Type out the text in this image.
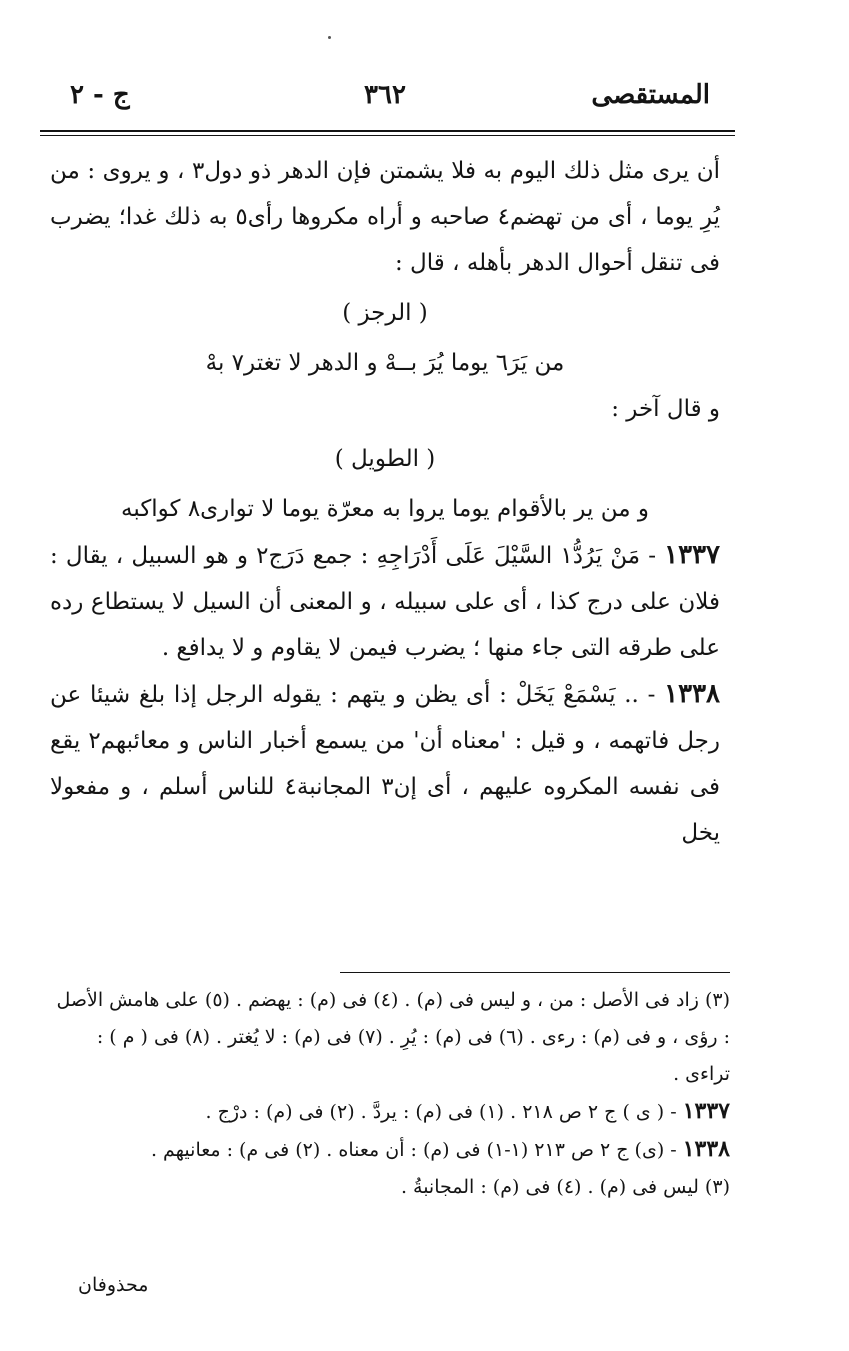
المستقصى
٣٦٢
ج - ٢

أن يرى مثل ذلك اليوم به فلا يشمتن فإن الدهر ذو دول٣ ، و يروى : من يُرِ يوما ، أى من تهضم٤ صاحبه و أراه مكروها رأى٥ به ذلك غدا؛ يضرب فى تنقل أحوال الدهر بأهله ، قال :

( الرجز )

من يَرَ٦ يوما يُرَ بــهْ و الدهر لا تغتر٧ بهْ

و قال آخر :

( الطويل )

و من ير بالأقوام يوما يروا به معرّة يوما لا توارى٨ كواكبه

١٣٣٧ - مَنْ يَرُدُّ١ السَّيْلَ عَلَى أَدْرَاجِهِ : جمع دَرَج٢ و هو السبيل ، يقال : فلان على درج كذا ، أى على سبيله ، و المعنى أن السيل لا يستطاع رده على طرقه التى جاء منها ؛ يضرب فيمن لا يقاوم و لا يدافع .

١٣٣٨ - .. يَسْمَعْ يَخَلْ : أى يظن و يتهم : يقوله الرجل إذا بلغ شيئا عن رجل فاتهمه ، و قيل : 'معناه أن' من يسمع أخبار الناس و معائبهم٢ يقع فى نفسه المكروه عليهم ، أى إن٣ المجانبة٤ للناس أسلم ، و مفعولا يخل

(٣) زاد فى الأصل : من ، و ليس فى (م) . (٤) فى (م) : يهضم . (٥) على هامش الأصل : رؤى ، و فى (م) : رءى . (٦) فى (م) : يُرِ . (٧) فى (م) : لا يُغتر . (٨) فى ( م ) : تراءى .

١٣٣٧ - ( ى ) ج ٢ ص ٢١٨ . (١) فى (م) : يردَّ . (٢) فى (م) : درْج .

١٣٣٨ - (ى) ج ٢ ص ٢١٣ (١-١) فى (م) : أن معناه . (٢) فى م) : معانيهم .

(٣) ليس فى (م) . (٤) فى (م) : المجانبةُ .

محذوفان
